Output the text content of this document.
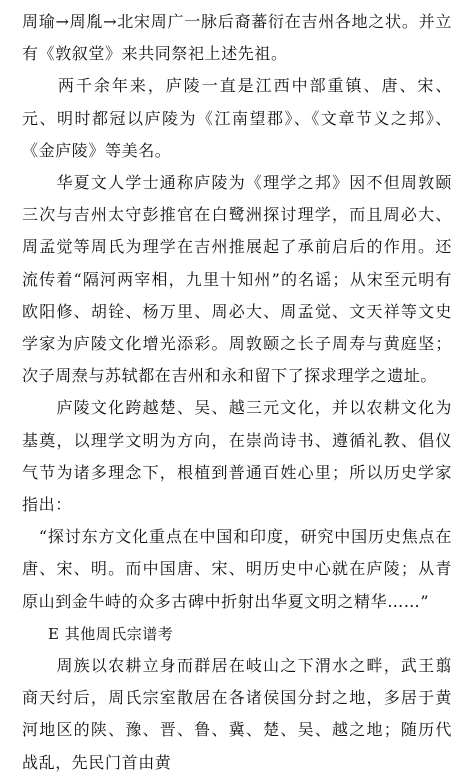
周瑜→周胤→北宋周广一脉后裔蕃衍在吉州各地之状。并立有《敦叙堂》来共同祭祀上述先祖。

　　两千余年来，庐陵一直是江西中部重镇、唐、宋、元、明时都冠以庐陵为《江南望郡》、《文章节义之邦》、《金庐陵》等美名。

　　华夏文人学士通称庐陵为《理学之邦》因不但周敦颐三次与吉州太守彭推官在白鹭洲探讨理学，而且周必大、周孟觉等周氏为理学在吉州推展起了承前启后的作用。还流传着“隔河两宰相，九里十知州”的名谣；从宋至元明有欧阳修、胡铨、杨万里、周必大、周孟觉、文天祥等文史学家为庐陵文化增光添彩。周敦颐之长子周寿与黄庭坚；次子周焘与苏轼都在吉州和永和留下了探求理学之遗址。

　　庐陵文化跨越楚、吴、越三元文化，并以农耕文化为基奠，以理学文明为方向，在崇尚诗书、遵循礼教、倡仪气节为诸多理念下，根植到普通百姓心里；所以历史学家指出：

　“探讨东方文化重点在中国和印度，研究中国历史焦点在唐、宋、明。而中国唐、宋、明历史中心就在庐陵；从青原山到金牛峙的众多古碑中折射出华夏文明之精华……”

E 其他周氏宗谱考

　　周族以农耕立身而群居在岐山之下渭水之畔，武王翦商天纣后，周氏宗室散居在各诸侯国分封之地，多居于黄河地区的陕、豫、晋、鲁、冀、楚、吴、越之地；随历代战乱，先民门首由黄
